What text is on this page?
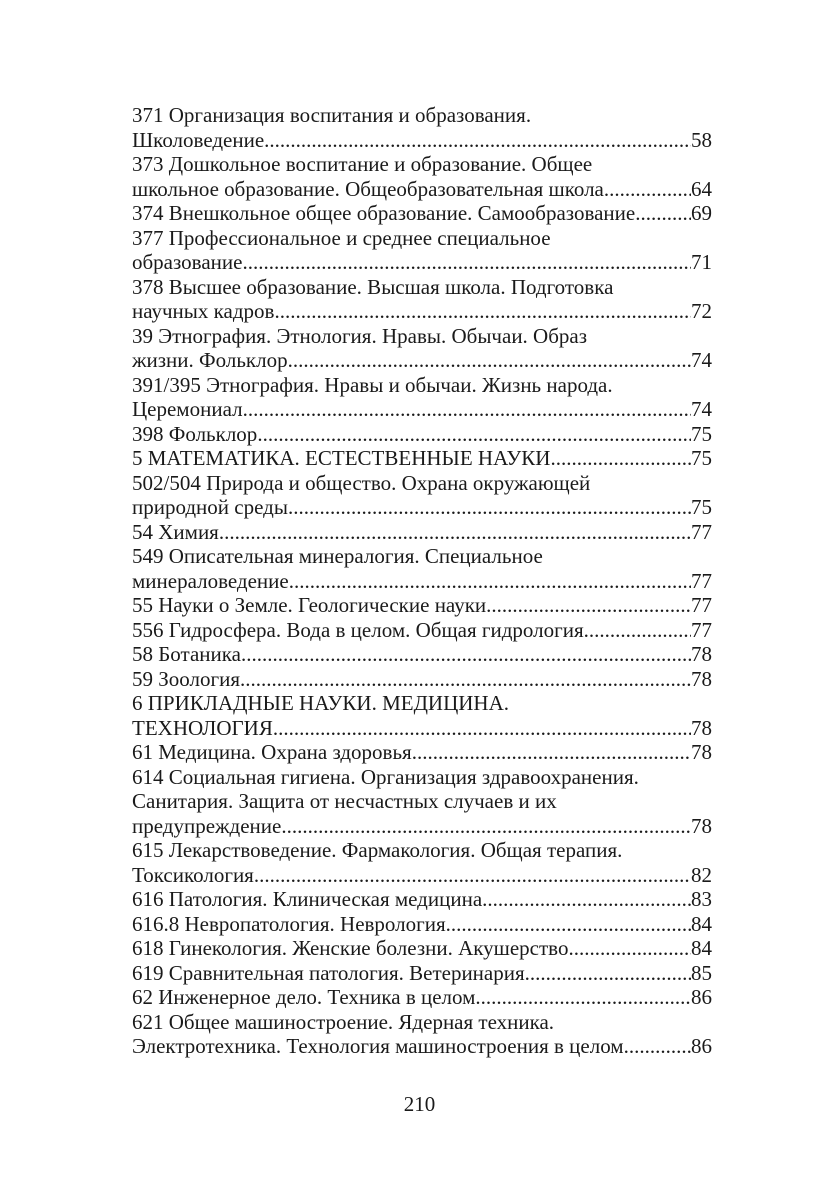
371 Организация воспитания и образования.
Школоведение .....	58
373 Дошкольное воспитание и образование. Общее
школьное образование. Общеобразовательная школа .....	64
374 Внешкольное общее образование. Самообразование .....	69
377 Профессиональное и среднее специальное
образование .....	71
378 Высшее образование. Высшая школа. Подготовка
научных кадров .....	72
39 Этнография. Этнология. Нравы. Обычаи. Образ
жизни. Фольклор .....	74
391/395 Этнография. Нравы и обычаи. Жизнь народа.
Церемониал .....	74
398 Фольклор .....	75
5 МАТЕМАТИКА. ЕСТЕСТВЕННЫЕ НАУКИ .....	75
502/504 Природа и общество. Охрана окружающей
природной среды .....	75
54 Химия .....	77
549 Описательная минералогия. Специальное
минераловедение .....	77
55 Науки о Земле. Геологические науки .....	77
556 Гидросфера. Вода в целом. Общая гидрология .....	77
58 Ботаника .....	78
59 Зоология .....	78
6 ПРИКЛАДНЫЕ НАУКИ. МЕДИЦИНА.
ТЕХНОЛОГИЯ .....	78
61 Медицина. Охрана здоровья .....	78
614 Социальная гигиена. Организация здравоохранения.
Санитария. Защита от несчастных случаев и их
предупреждение .....	78
615 Лекарствоведение. Фармакология. Общая терапия.
Токсикология .....	82
616 Патология. Клиническая медицина .....	83
616.8 Невропатология. Неврология .....	84
618 Гинекология. Женские болезни. Акушерство .....	84
619 Сравнительная патология. Ветеринария .....	85
62 Инженерное дело. Техника в целом .....	86
621 Общее машиностроение. Ядерная техника.
Электротехника. Технология машиностроения в целом .....	86
210
